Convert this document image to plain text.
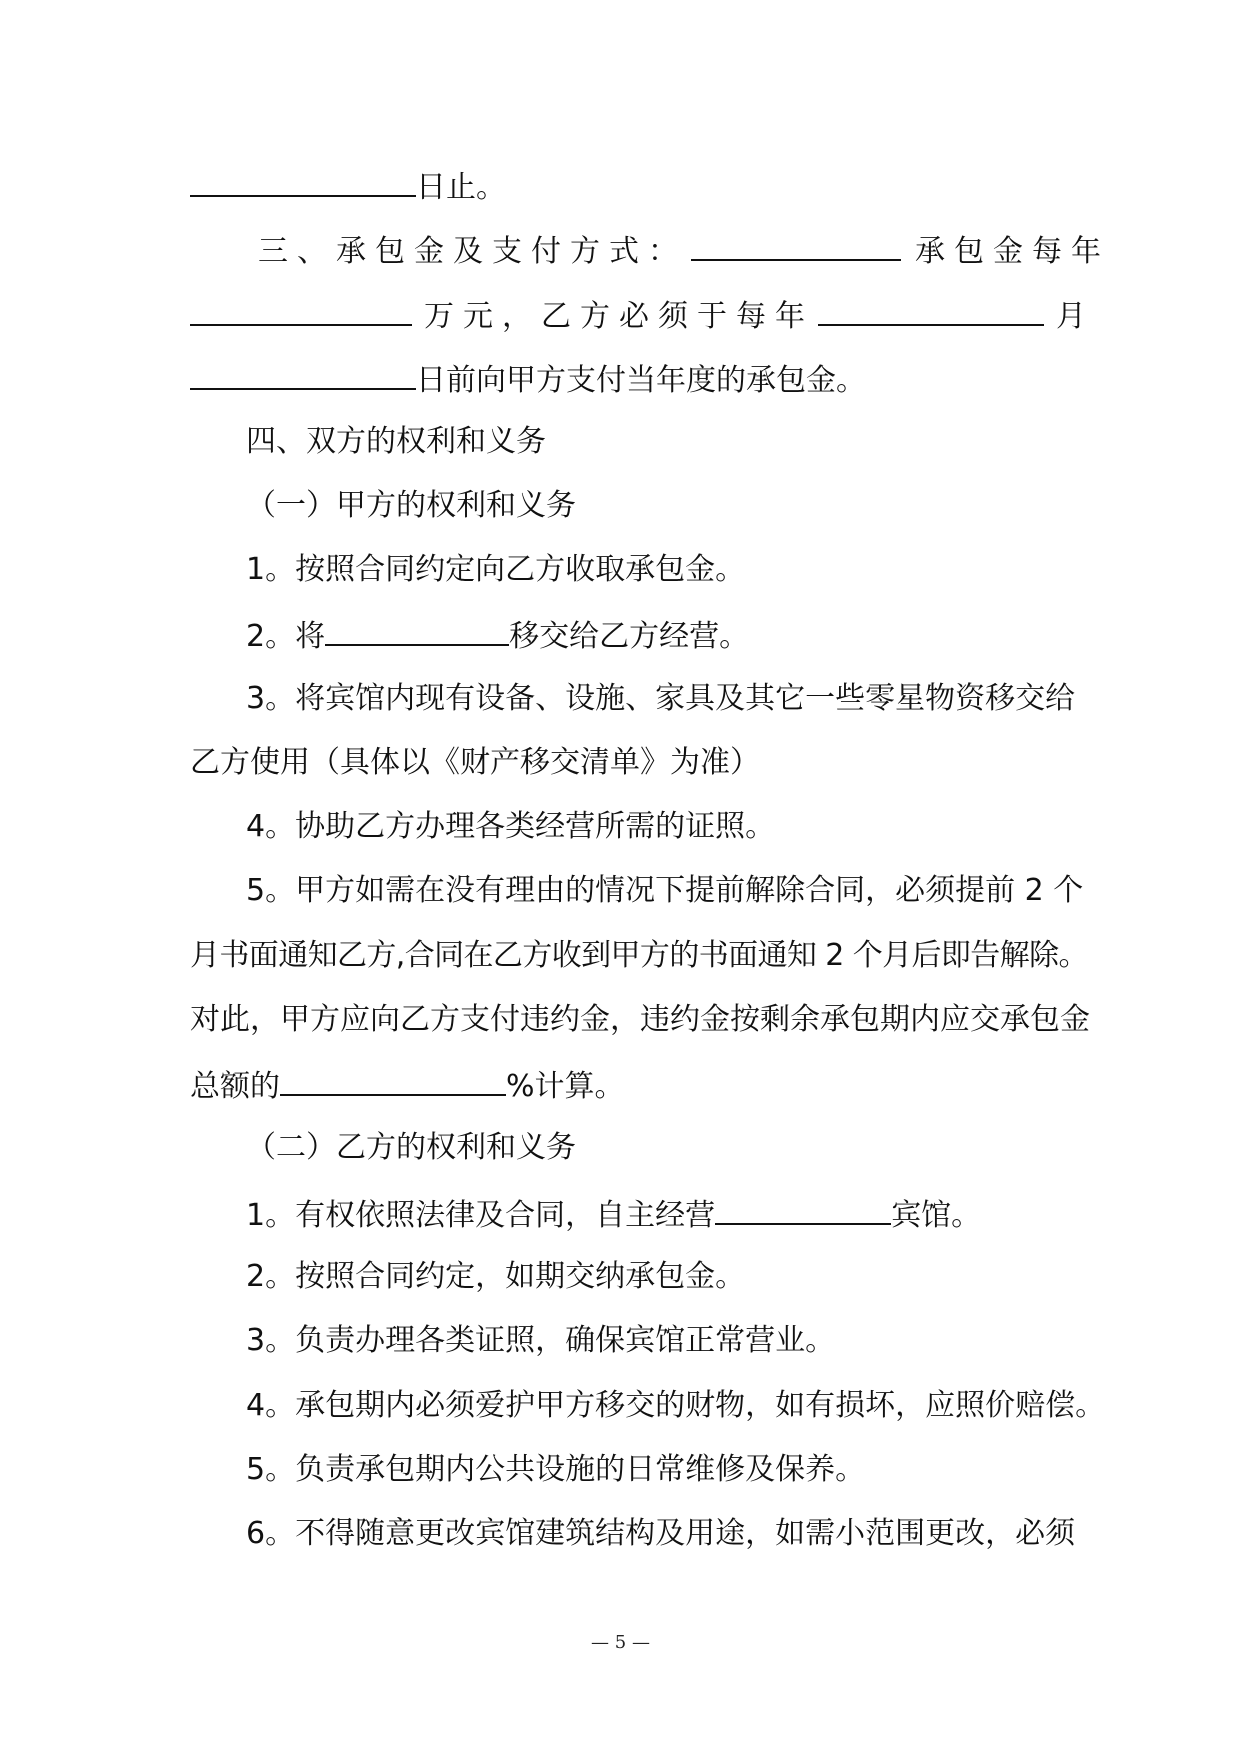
日止。
三、承包金及支付方式：	承包金每年
万元，乙方必须于每年	月
日前向甲方支付当年度的承包金。
四、双方的权利和义务
（一）甲方的权利和义务
1。按照合同约定向乙方收取承包金。
2。将	移交给乙方经营。
3。将宾馆内现有设备、设施、家具及其它一些零星物资移交给
乙方使用（具体以《财产移交清单》为准）
4。协助乙方办理各类经营所需的证照。
5。甲方如需在没有理由的情况下提前解除合同，必须提前 2 个
月书面通知乙方,合同在乙方收到甲方的书面通知 2 个月后即告解除。
对此，甲方应向乙方支付违约金，违约金按剩余承包期内应交承包金
总额的	%计算。
（二）乙方的权利和义务
1。有权依照法律及合同，自主经营	宾馆。
2。按照合同约定，如期交纳承包金。
3。负责办理各类证照，确保宾馆正常营业。
4。承包期内必须爱护甲方移交的财物，如有损坏，应照价赔偿。
5。负责承包期内公共设施的日常维修及保养。
6。不得随意更改宾馆建筑结构及用途，如需小范围更改，必须
— 5 —
